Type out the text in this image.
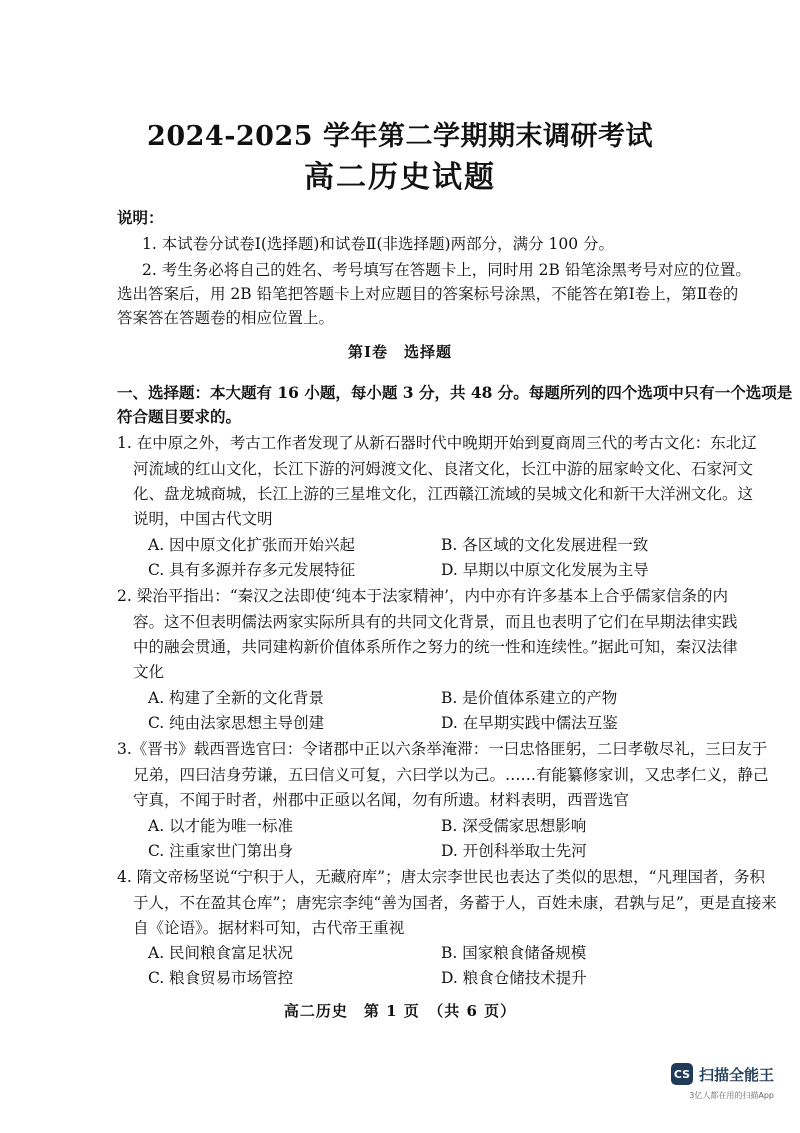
2024-2025 学年第二学期期末调研考试
高二历史试题
说明：
1. 本试卷分试卷Ⅰ(选择题)和试卷Ⅱ(非选择题)两部分，满分 100 分。
2. 考生务必将自己的姓名、考号填写在答题卡上，同时用 2B 铅笔涂黑考号对应的位置。
选出答案后，用 2B 铅笔把答题卡上对应题目的答案标号涂黑，不能答在第Ⅰ卷上，第Ⅱ卷的
答案答在答题卷的相应位置上。
第Ⅰ卷　选择题
一、选择题：本大题有 16 小题，每小题 3 分，共 48 分。每题所列的四个选项中只有一个选项是
符合题目要求的。
1. 在中原之外，考古工作者发现了从新石器时代中晚期开始到夏商周三代的考古文化：东北辽
河流域的红山文化，长江下游的河姆渡文化、良渚文化，长江中游的屈家岭文化、石家河文
化、盘龙城商城，长江上游的三星堆文化，江西赣江流域的吴城文化和新干大洋洲文化。这
说明，中国古代文明
A. 因中原文化扩张而开始兴起	B. 各区域的文化发展进程一致
C. 具有多源并存多元发展特征	D. 早期以中原文化发展为主导
2. 梁治平指出：“秦汉之法即使‘纯本于法家精神’，内中亦有许多基本上合乎儒家信条的内
容。这不但表明儒法两家实际所具有的共同文化背景，而且也表明了它们在早期法律实践
中的融会贯通，共同建构新价值体系所作之努力的统一性和连续性。”据此可知，秦汉法律
文化
A. 构建了全新的文化背景	B. 是价值体系建立的产物
C. 纯由法家思想主导创建	D. 在早期实践中儒法互鉴
3.《晋书》载西晋选官曰：令诸郡中正以六条举淹滞：一曰忠恪匪躬，二曰孝敬尽礼，三曰友于
兄弟，四曰洁身劳谦，五曰信义可复，六曰学以为己。……有能纂修家训，又忠孝仁义，静己
守真，不闻于时者，州郡中正亟以名闻，勿有所遗。材料表明，西晋选官
A. 以才能为唯一标准	B. 深受儒家思想影响
C. 注重家世门第出身	D. 开创科举取士先河
4. 隋文帝杨坚说“宁积于人，无藏府库”；唐太宗李世民也表达了类似的思想，“凡理国者，务积
于人，不在盈其仓库”；唐宪宗李纯“善为国者，务蓄于人，百姓未康，君孰与足”，更是直接来
自《论语》。据材料可知，古代帝王重视
A. 民间粮食富足状况	B. 国家粮食储备规模
C. 粮食贸易市场管控	D. 粮食仓储技术提升
高二历史　第 1 页　（共 6 页）
CS 扫描全能王
3亿人都在用的扫描App
